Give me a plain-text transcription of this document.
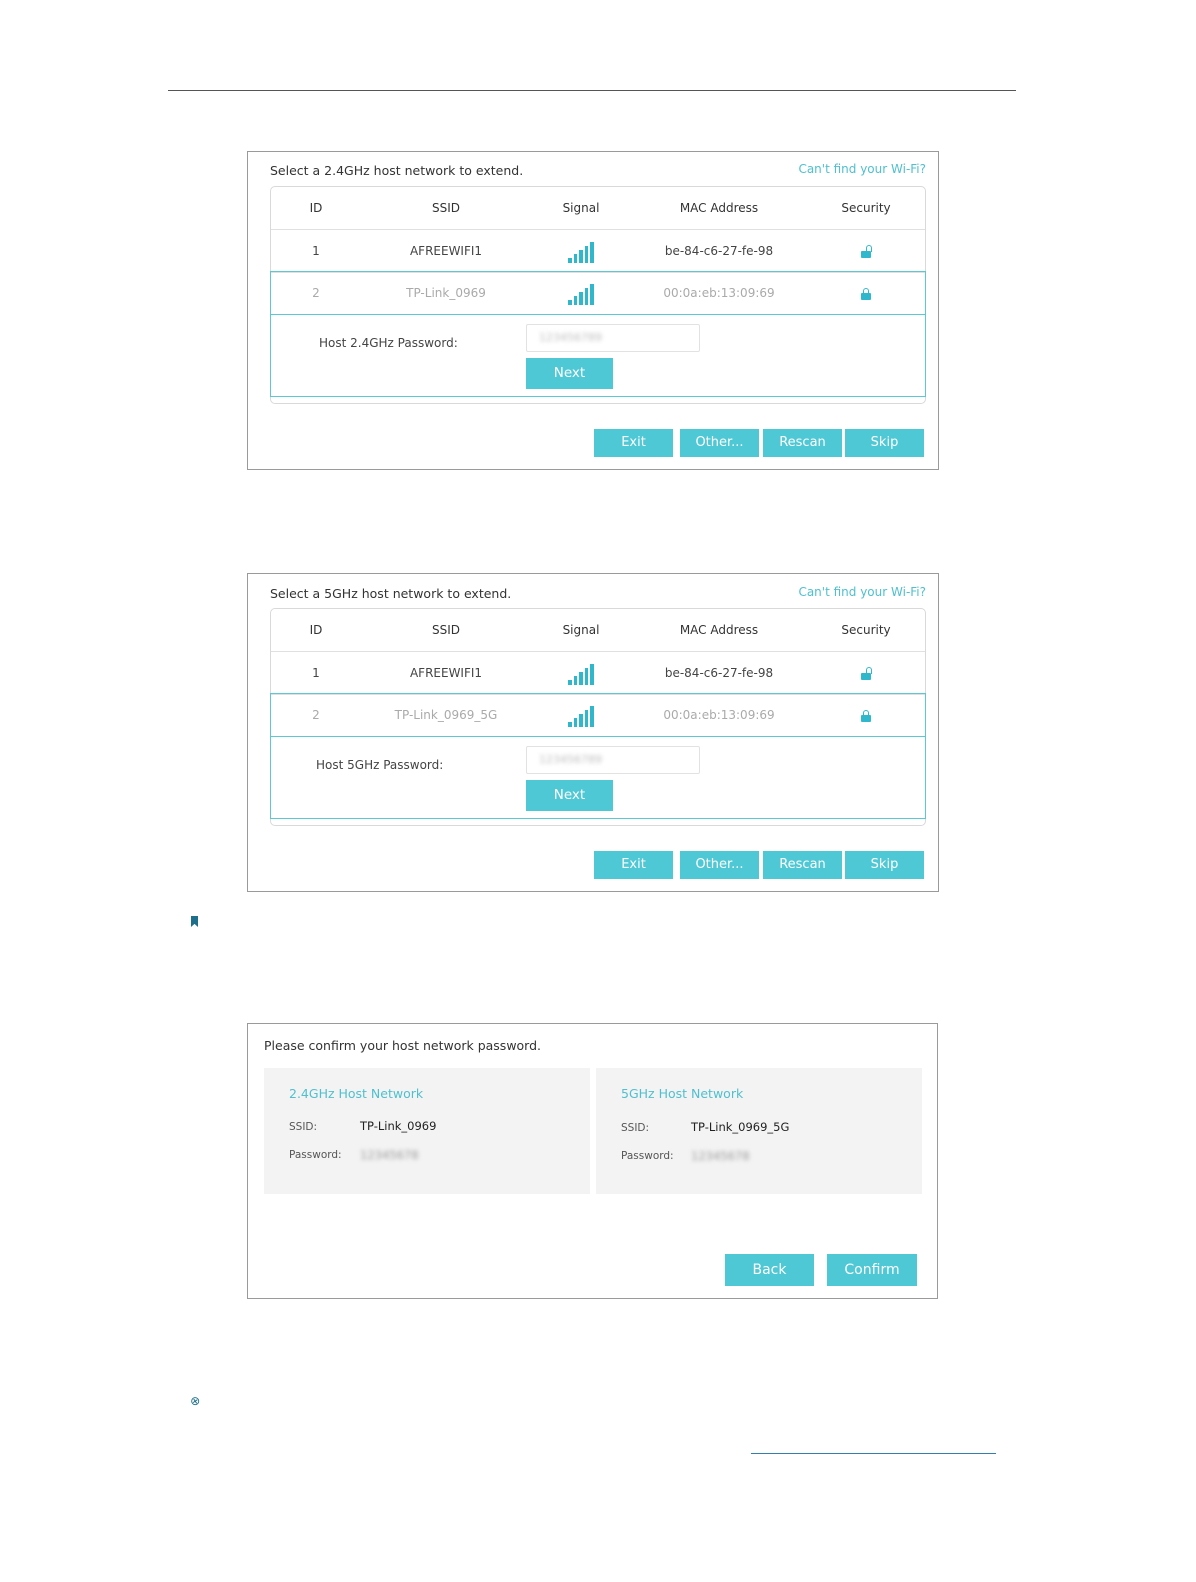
Select a 2.4GHz host network to extend.	Can't find your Wi-Fi?
ID	SSID	Signal	MAC Address	Security
1	AFREEWIFI1	be-84-c6-27-fe-98
2	TP-Link_0969	00:0a:eb:13:09:69
Host 2.4GHz Password:	123456789
Next
Exit	Other...	Rescan	Skip
Select a 5GHz host network to extend.	Can't find your Wi-Fi?
ID	SSID	Signal	MAC Address	Security
1	AFREEWIFI1	be-84-c6-27-fe-98
2	TP-Link_0969_5G	00:0a:eb:13:09:69
Host 5GHz Password:	123456789
Next
Exit	Other...	Rescan	Skip
Please confirm your host network password.
2.4GHz Host Network
SSID:	TP-Link_0969
Password: 12345678
5GHz Host Network
SSID:	TP-Link_0969_5G
Password: 12345678
Back	Confirm
⊕
